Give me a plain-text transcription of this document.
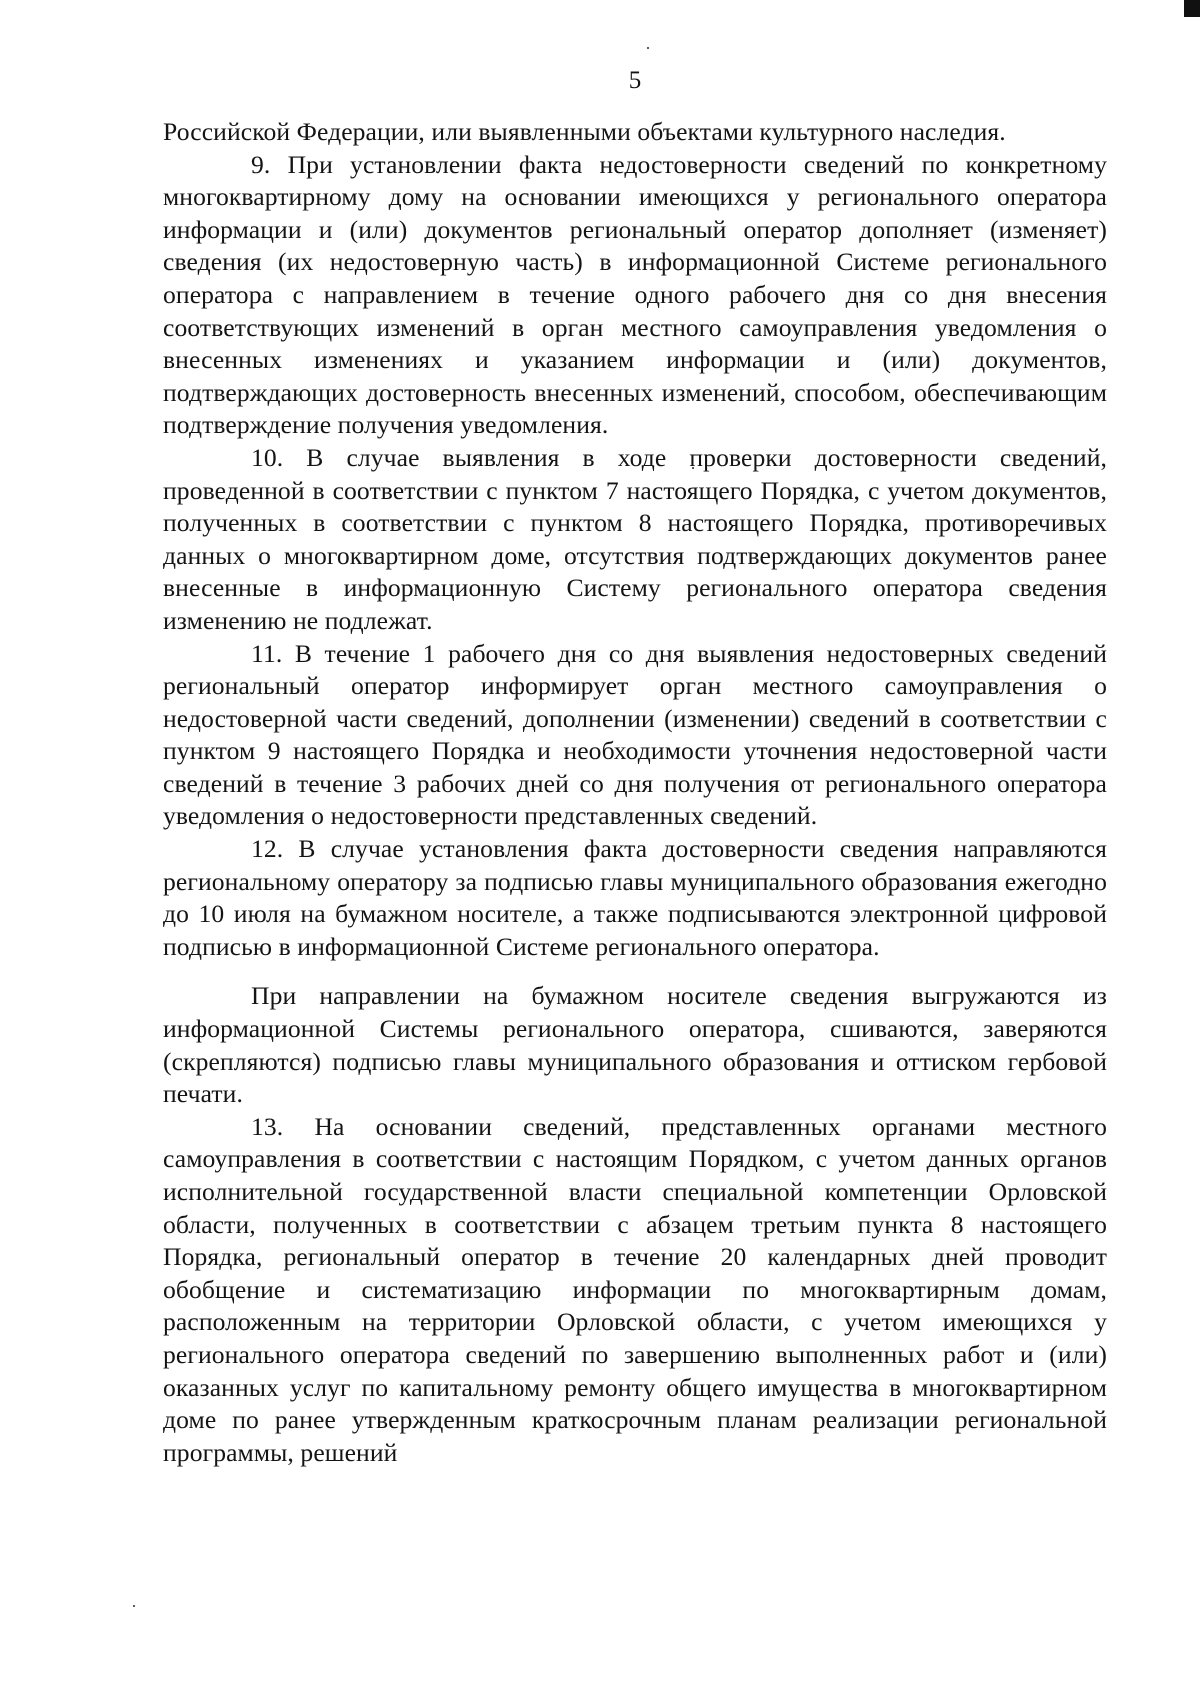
5

Российской Федерации, или выявленными объектами культурного наследия.

9. При установлении факта недостоверности сведений по конкретному многоквартирному дому на основании имеющихся у регионального оператора информации и (или) документов региональный оператор дополняет (изменяет) сведения (их недостоверную часть) в информационной Системе регионального оператора с направлением в течение одного рабочего дня со дня внесения соответствующих изменений в орган местного самоуправления уведомления о внесенных изменениях и указанием информации и (или) документов, подтверждающих достоверность внесенных изменений, способом, обеспечивающим подтверждение получения уведомления.

10. В случае выявления в ходе проверки достоверности сведений, проведенной в соответствии с пунктом 7 настоящего Порядка, с учетом документов, полученных в соответствии с пунктом 8 настоящего Порядка, противоречивых данных о многоквартирном доме, отсутствия подтверждающих документов ранее внесенные в информационную Систему регионального оператора сведения изменению не подлежат.

11. В течение 1 рабочего дня со дня выявления недостоверных сведений региональный оператор информирует орган местного самоуправления о недостоверной части сведений, дополнении (изменении) сведений в соответствии с пунктом 9 настоящего Порядка и необходимости уточнения недостоверной части сведений в течение 3 рабочих дней со дня получения от регионального оператора уведомления о недостоверности представленных сведений.

12. В случае установления факта достоверности сведения направляются региональному оператору за подписью главы муниципального образования ежегодно до 10 июля на бумажном носителе, а также подписываются электронной цифровой подписью в информационной Системе регионального оператора.

При направлении на бумажном носителе сведения выгружаются из информационной Системы регионального оператора, сшиваются, заверяются (скрепляются) подписью главы муниципального образования и оттиском гербовой печати.

13. На основании сведений, представленных органами местного самоуправления в соответствии с настоящим Порядком, с учетом данных органов исполнительной государственной власти специальной компетенции Орловской области, полученных в соответствии с абзацем третьим пункта 8 настоящего Порядка, региональный оператор в течение 20 календарных дней проводит обобщение и систематизацию информации по многоквартирным домам, расположенным на территории Орловской области, с учетом имеющихся у регионального оператора сведений по завершению выполненных работ и (или) оказанных услуг по капитальному ремонту общего имущества в многоквартирном доме по ранее утвержденным краткосрочным планам реализации региональной программы, решений
